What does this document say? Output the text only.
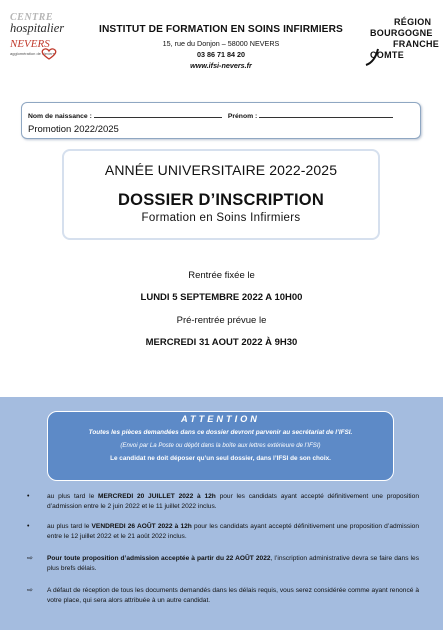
CENTRE
hospitalier
NEVERS
agglomération de Nevers
INSTITUT DE FORMATION EN SOINS INFIRMIERS
15, rue du Donjon – 58000 NEVERS
03 86 71 84 20
www.ifsi-nevers.fr
RÉGION
BOURGOGNE
FRANCHE
COMTE
Nom de naissance :	Prénom :
Promotion 2022/2025
ANNÉE UNIVERSITAIRE 2022-2025
DOSSIER D’INSCRIPTION
Formation en Soins Infirmiers
Rentrée fixée le
LUNDI 5 SEPTEMBRE 2022 A 10H00
Pré-rentrée prévue le
MERCREDI 31 AOUT 2022 À 9H30
ATTENTION
Toutes les pièces demandées dans ce dossier devront parvenir au secrétariat de l’IFSI.
(Envoi par La Poste ou dépôt dans la boîte aux lettres extérieure de l’IFSI)
Le candidat ne doit déposer qu’un seul dossier, dans l’IFSI de son choix.
•	au plus tard le MERCREDI 20 JUILLET 2022 à 12h pour les candidats ayant accepté définitivement une proposition d’admission entre le 2 juin 2022 et le 11 juillet 2022 inclus.
•	au plus tard le VENDREDI 26 AOÛT 2022 à 12h pour les candidats ayant accepté définitivement une proposition d’admission entre le 12 juillet 2022 et le 21 août 2022 inclus.
⇨ Pour toute proposition d’admission acceptée à partir du 22 AOÛT 2022, l’inscription administrative devra se faire dans les plus brefs délais.
⇨ A défaut de réception de tous les documents demandés dans les délais requis, vous serez considérée comme ayant renoncé à votre place, qui sera alors attribuée à un autre candidat.
